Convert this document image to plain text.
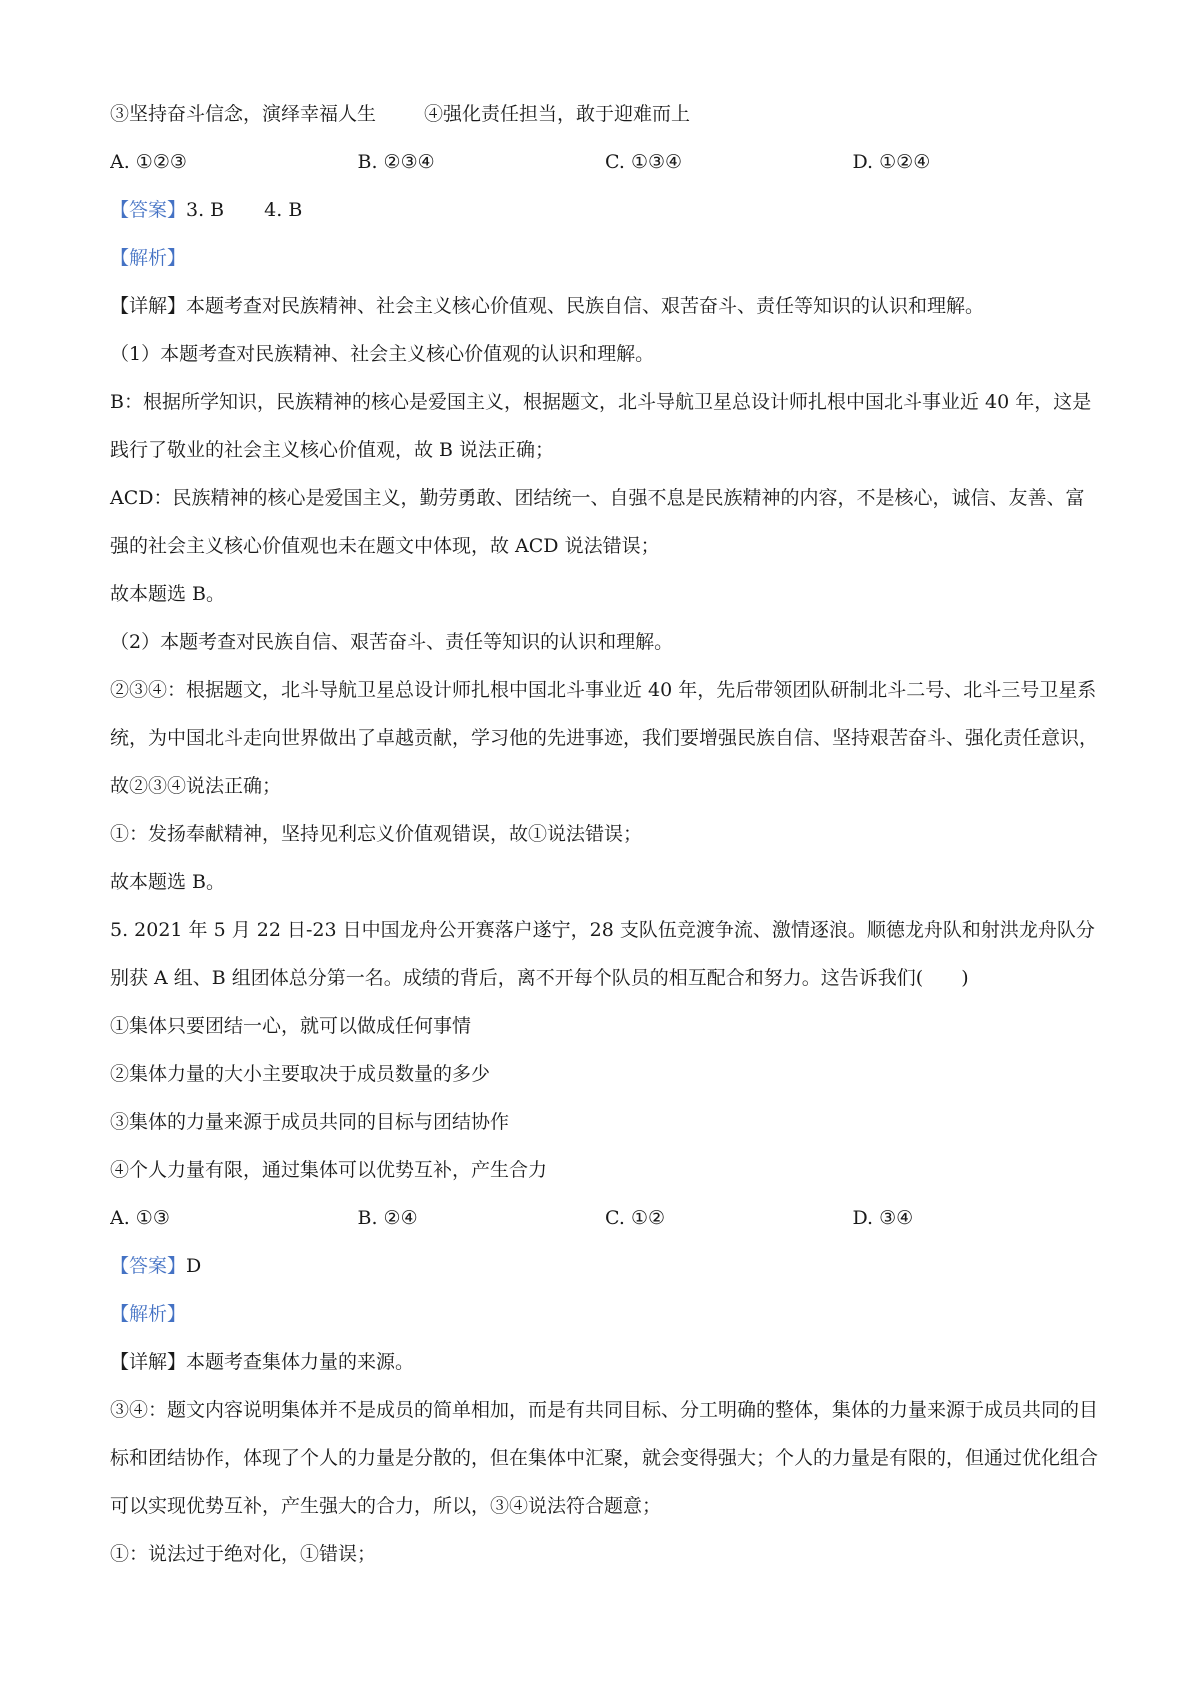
③坚持奋斗信念，演绎幸福人生	④强化责任担当，敢于迎难而上
A. ①②③	B. ②③④	C. ①③④	D. ①②④
【答案】3. B 4. B
【解析】
【详解】本题考查对民族精神、社会主义核心价值观、民族自信、艰苦奋斗、责任等知识的认识和理解。
（1）本题考查对民族精神、社会主义核心价值观的认识和理解。
B：根据所学知识，民族精神的核心是爱国主义，根据题文，北斗导航卫星总设计师扎根中国北斗事业近 40 年，这是践行了敬业的社会主义核心价值观，故 B 说法正确；
ACD：民族精神的核心是爱国主义，勤劳勇敢、团结统一、自强不息是民族精神的内容，不是核心，诚信、友善、富强的社会主义核心价值观也未在题文中体现，故 ACD 说法错误；
故本题选 B。
（2）本题考查对民族自信、艰苦奋斗、责任等知识的认识和理解。
②③④：根据题文，北斗导航卫星总设计师扎根中国北斗事业近 40 年，先后带领团队研制北斗二号、北斗三号卫星系统，为中国北斗走向世界做出了卓越贡献，学习他的先进事迹，我们要增强民族自信、坚持艰苦奋斗、强化责任意识，故②③④说法正确；
①：发扬奉献精神，坚持见利忘义价值观错误，故①说法错误；
故本题选 B。
5. 2021 年 5 月 22 日-23 日中国龙舟公开赛落户遂宁，28 支队伍竞渡争流、激情逐浪。顺德龙舟队和射洪龙舟队分别获 A 组、B 组团体总分第一名。成绩的背后，离不开每个队员的相互配合和努力。这告诉我们(　　)
①集体只要团结一心，就可以做成任何事情
②集体力量的大小主要取决于成员数量的多少
③集体的力量来源于成员共同的目标与团结协作
④个人力量有限，通过集体可以优势互补，产生合力
A. ①③	B. ②④	C. ①②	D. ③④
【答案】D
【解析】
【详解】本题考查集体力量的来源。
③④：题文内容说明集体并不是成员的简单相加，而是有共同目标、分工明确的整体，集体的力量来源于成员共同的目标和团结协作，体现了个人的力量是分散的，但在集体中汇聚，就会变得强大；个人的力量是有限的，但通过优化组合可以实现优势互补，产生强大的合力，所以，③④说法符合题意；
①：说法过于绝对化，①错误；
